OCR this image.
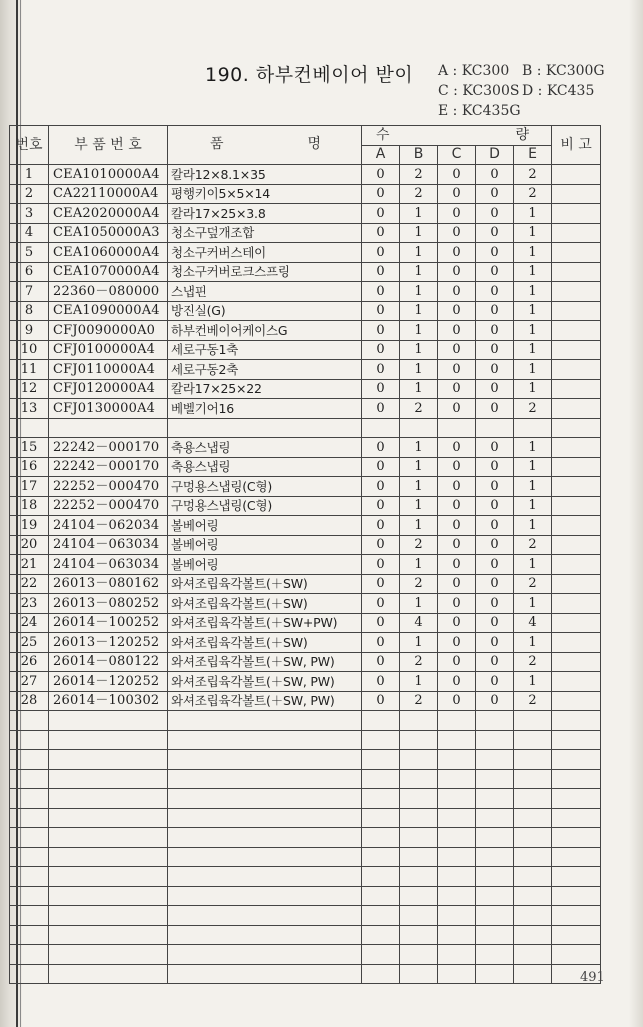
190. 하부컨베이어 받이 A : KC300 B : KC300G
C : KC300S D : KC435
E : KC435G
번호	부 품 번 호	품 명	수 량					비 고
			A	B	C	D	E	
1	CEA1010000A4	칼라12×8.1×35	0	2	0	0	2	
2	CA22110000A4	평행키이5×5×14	0	2	0	0	2	
3	CEA2020000A4	칼라17×25×3.8	0	1	0	0	1	
4	CEA1050000A3	청소구덮개조합	0	1	0	0	1	
5	CEA1060000A4	청소구커버스테이	0	1	0	0	1	
6	CEA1070000A4	청소구커버로크스프링	0	1	0	0	1	
7	22360－080000	스냅핀	0	1	0	0	1	
8	CEA1090000A4	방진실(G)	0	1	0	0	1	
9	CFJ0090000A0	하부컨베이어케이스G	0	1	0	0	1	
10	CFJ0100000A4	세로구동1축	0	1	0	0	1	
11	CFJ0110000A4	세로구동2축	0	1	0	0	1	
12	CFJ0120000A4	칼라17×25×22	0	1	0	0	1	
13	CFJ0130000A4	베벨기어16	0	2	0	0	2	

15	22242－000170	축용스냅링	0	1	0	0	1	
16	22242－000170	축용스냅링	0	1	0	0	1	
17	22252－000470	구멍용스냅링(C형)	0	1	0	0	1	
18	22252－000470	구멍용스냅링(C형)	0	1	0	0	1	
19	24104－062034	볼베어링	0	1	0	0	1	
20	24104－063034	볼베어링	0	2	0	0	2	
21	24104－063034	볼베어링	0	1	0	0	1	
22	26013－080162	와셔조립육각볼트(＋SW)	0	2	0	0	2	
23	26013－080252	와셔조립육각볼트(＋SW)	0	1	0	0	1	
24	26014－100252	와셔조립육각볼트(＋SW+PW)	0	4	0	0	4	
25	26013－120252	와셔조립육각볼트(＋SW)	0	1	0	0	1	
26	26014－080122	와셔조립육각볼트(＋SW, PW)	0	2	0	0	2	
27	26014－120252	와셔조립육각볼트(＋SW, PW)	0	1	0	0	1	
28	26014－100302	와셔조립육각볼트(＋SW, PW)	0	2	0	0	2	

491
